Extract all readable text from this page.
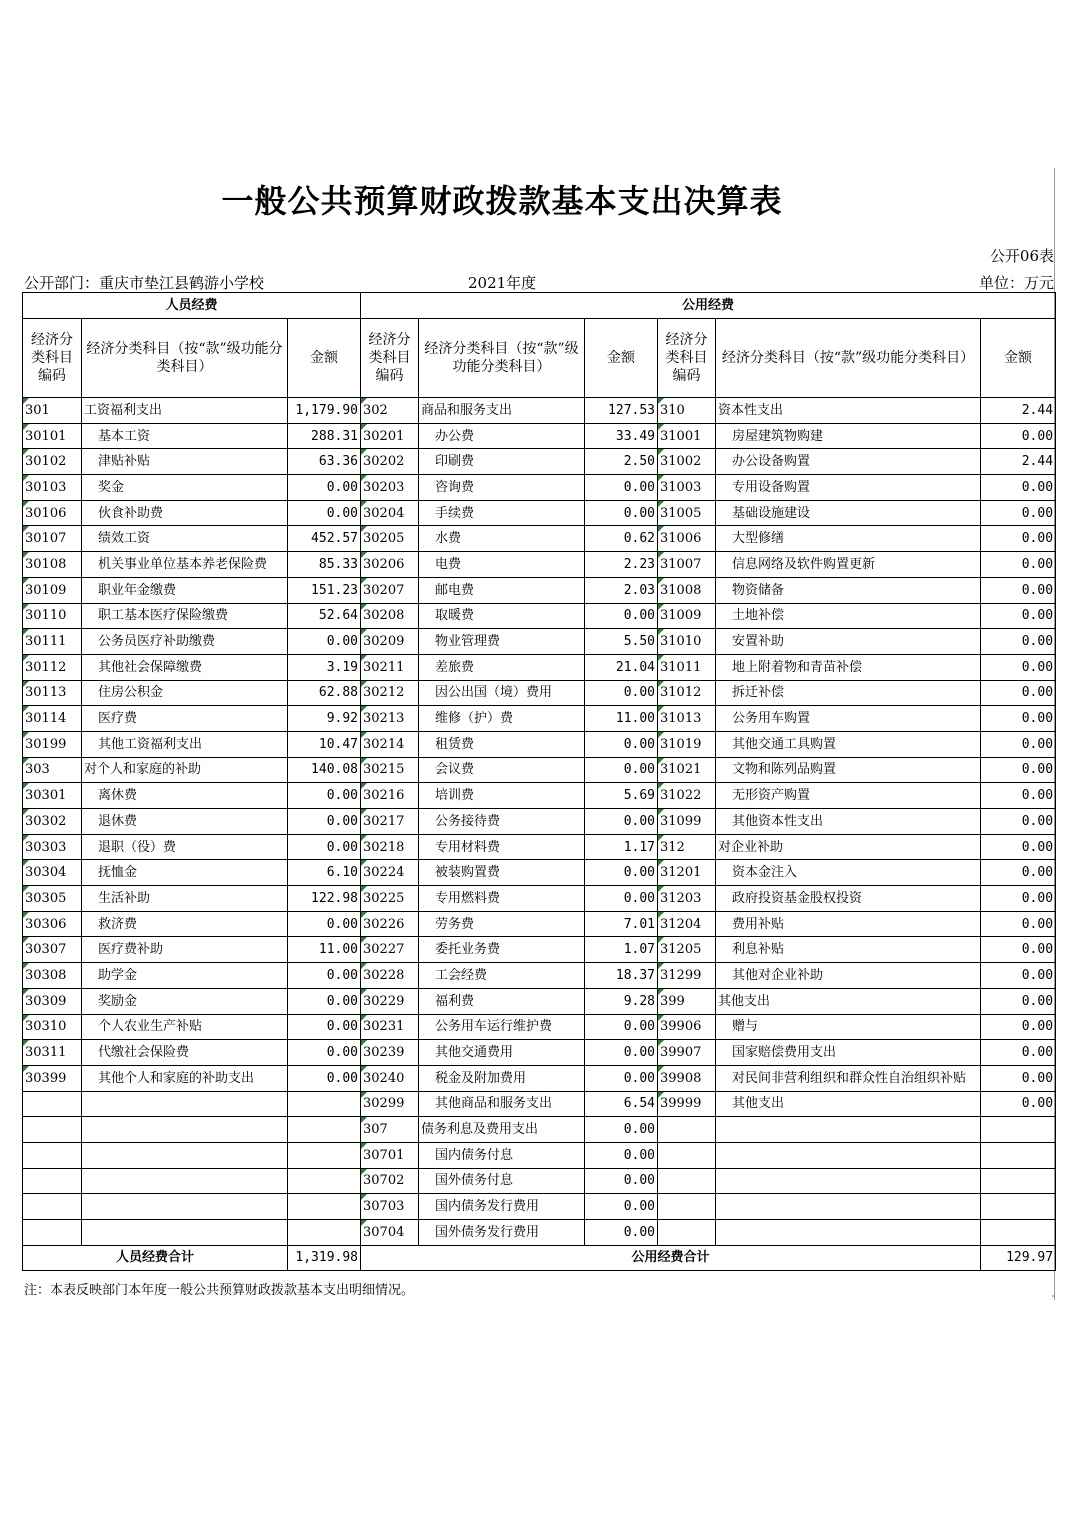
一般公共预算财政拨款基本支出决算表
公开06表
公开部门：重庆市垫江县鹤游小学校	2021年度	单位：万元
人员经费			公用经费					
经济分类科目编码	经济分类科目（按“款”级功能分类科目）	金额	经济分类科目编码	经济分类科目（按“款”级功能分类科目）	金额	经济分类科目编码	经济分类科目（按“款”级功能分类科目）	金额
301	工资福利支出	1,179.90	302	商品和服务支出	127.53	310	资本性支出	2.44
30101	基本工资	288.31	30201	办公费	33.49	31001	房屋建筑物购建	0.00
30102	津贴补贴	63.36	30202	印刷费	2.50	31002	办公设备购置	2.44
30103	奖金	0.00	30203	咨询费	0.00	31003	专用设备购置	0.00
30106	伙食补助费	0.00	30204	手续费	0.00	31005	基础设施建设	0.00
30107	绩效工资	452.57	30205	水费	0.62	31006	大型修缮	0.00
30108	机关事业单位基本养老保险费	85.33	30206	电费	2.23	31007	信息网络及软件购置更新	0.00
30109	职业年金缴费	151.23	30207	邮电费	2.03	31008	物资储备	0.00
30110	职工基本医疗保险缴费	52.64	30208	取暖费	0.00	31009	土地补偿	0.00
30111	公务员医疗补助缴费	0.00	30209	物业管理费	5.50	31010	安置补助	0.00
30112	其他社会保障缴费	3.19	30211	差旅费	21.04	31011	地上附着物和青苗补偿	0.00
30113	住房公积金	62.88	30212	因公出国（境）费用	0.00	31012	拆迁补偿	0.00
30114	医疗费	9.92	30213	维修（护）费	11.00	31013	公务用车购置	0.00
30199	其他工资福利支出	10.47	30214	租赁费	0.00	31019	其他交通工具购置	0.00
303	对个人和家庭的补助	140.08	30215	会议费	0.00	31021	文物和陈列品购置	0.00
30301	离休费	0.00	30216	培训费	5.69	31022	无形资产购置	0.00
30302	退休费	0.00	30217	公务接待费	0.00	31099	其他资本性支出	0.00
30303	退职（役）费	0.00	30218	专用材料费	1.17	312	对企业补助	0.00
30304	抚恤金	6.10	30224	被装购置费	0.00	31201	资本金注入	0.00
30305	生活补助	122.98	30225	专用燃料费	0.00	31203	政府投资基金股权投资	0.00
30306	救济费	0.00	30226	劳务费	7.01	31204	费用补贴	0.00
30307	医疗费补助	11.00	30227	委托业务费	1.07	31205	利息补贴	0.00
30308	助学金	0.00	30228	工会经费	18.37	31299	其他对企业补助	0.00
30309	奖励金	0.00	30229	福利费	9.28	399	其他支出	0.00
30310	个人农业生产补贴	0.00	30231	公务用车运行维护费	0.00	39906	赠与	0.00
30311	代缴社会保险费	0.00	30239	其他交通费用	0.00	39907	国家赔偿费用支出	0.00
30399	其他个人和家庭的补助支出	0.00	30240	税金及附加费用	0.00	39908	对民间非营利组织和群众性自治组织补贴	0.00
			30299	其他商品和服务支出	6.54	39999	其他支出	0.00
			307	债务利息及费用支出	0.00			
			30701	国内债务付息	0.00			
			30702	国外债务付息	0.00			
			30703	国内债务发行费用	0.00			
			30704	国外债务发行费用	0.00			
人员经费合计		1,319.98	公用经费合计					129.97
注：本表反映部门本年度一般公共预算财政拨款基本支出明细情况。
